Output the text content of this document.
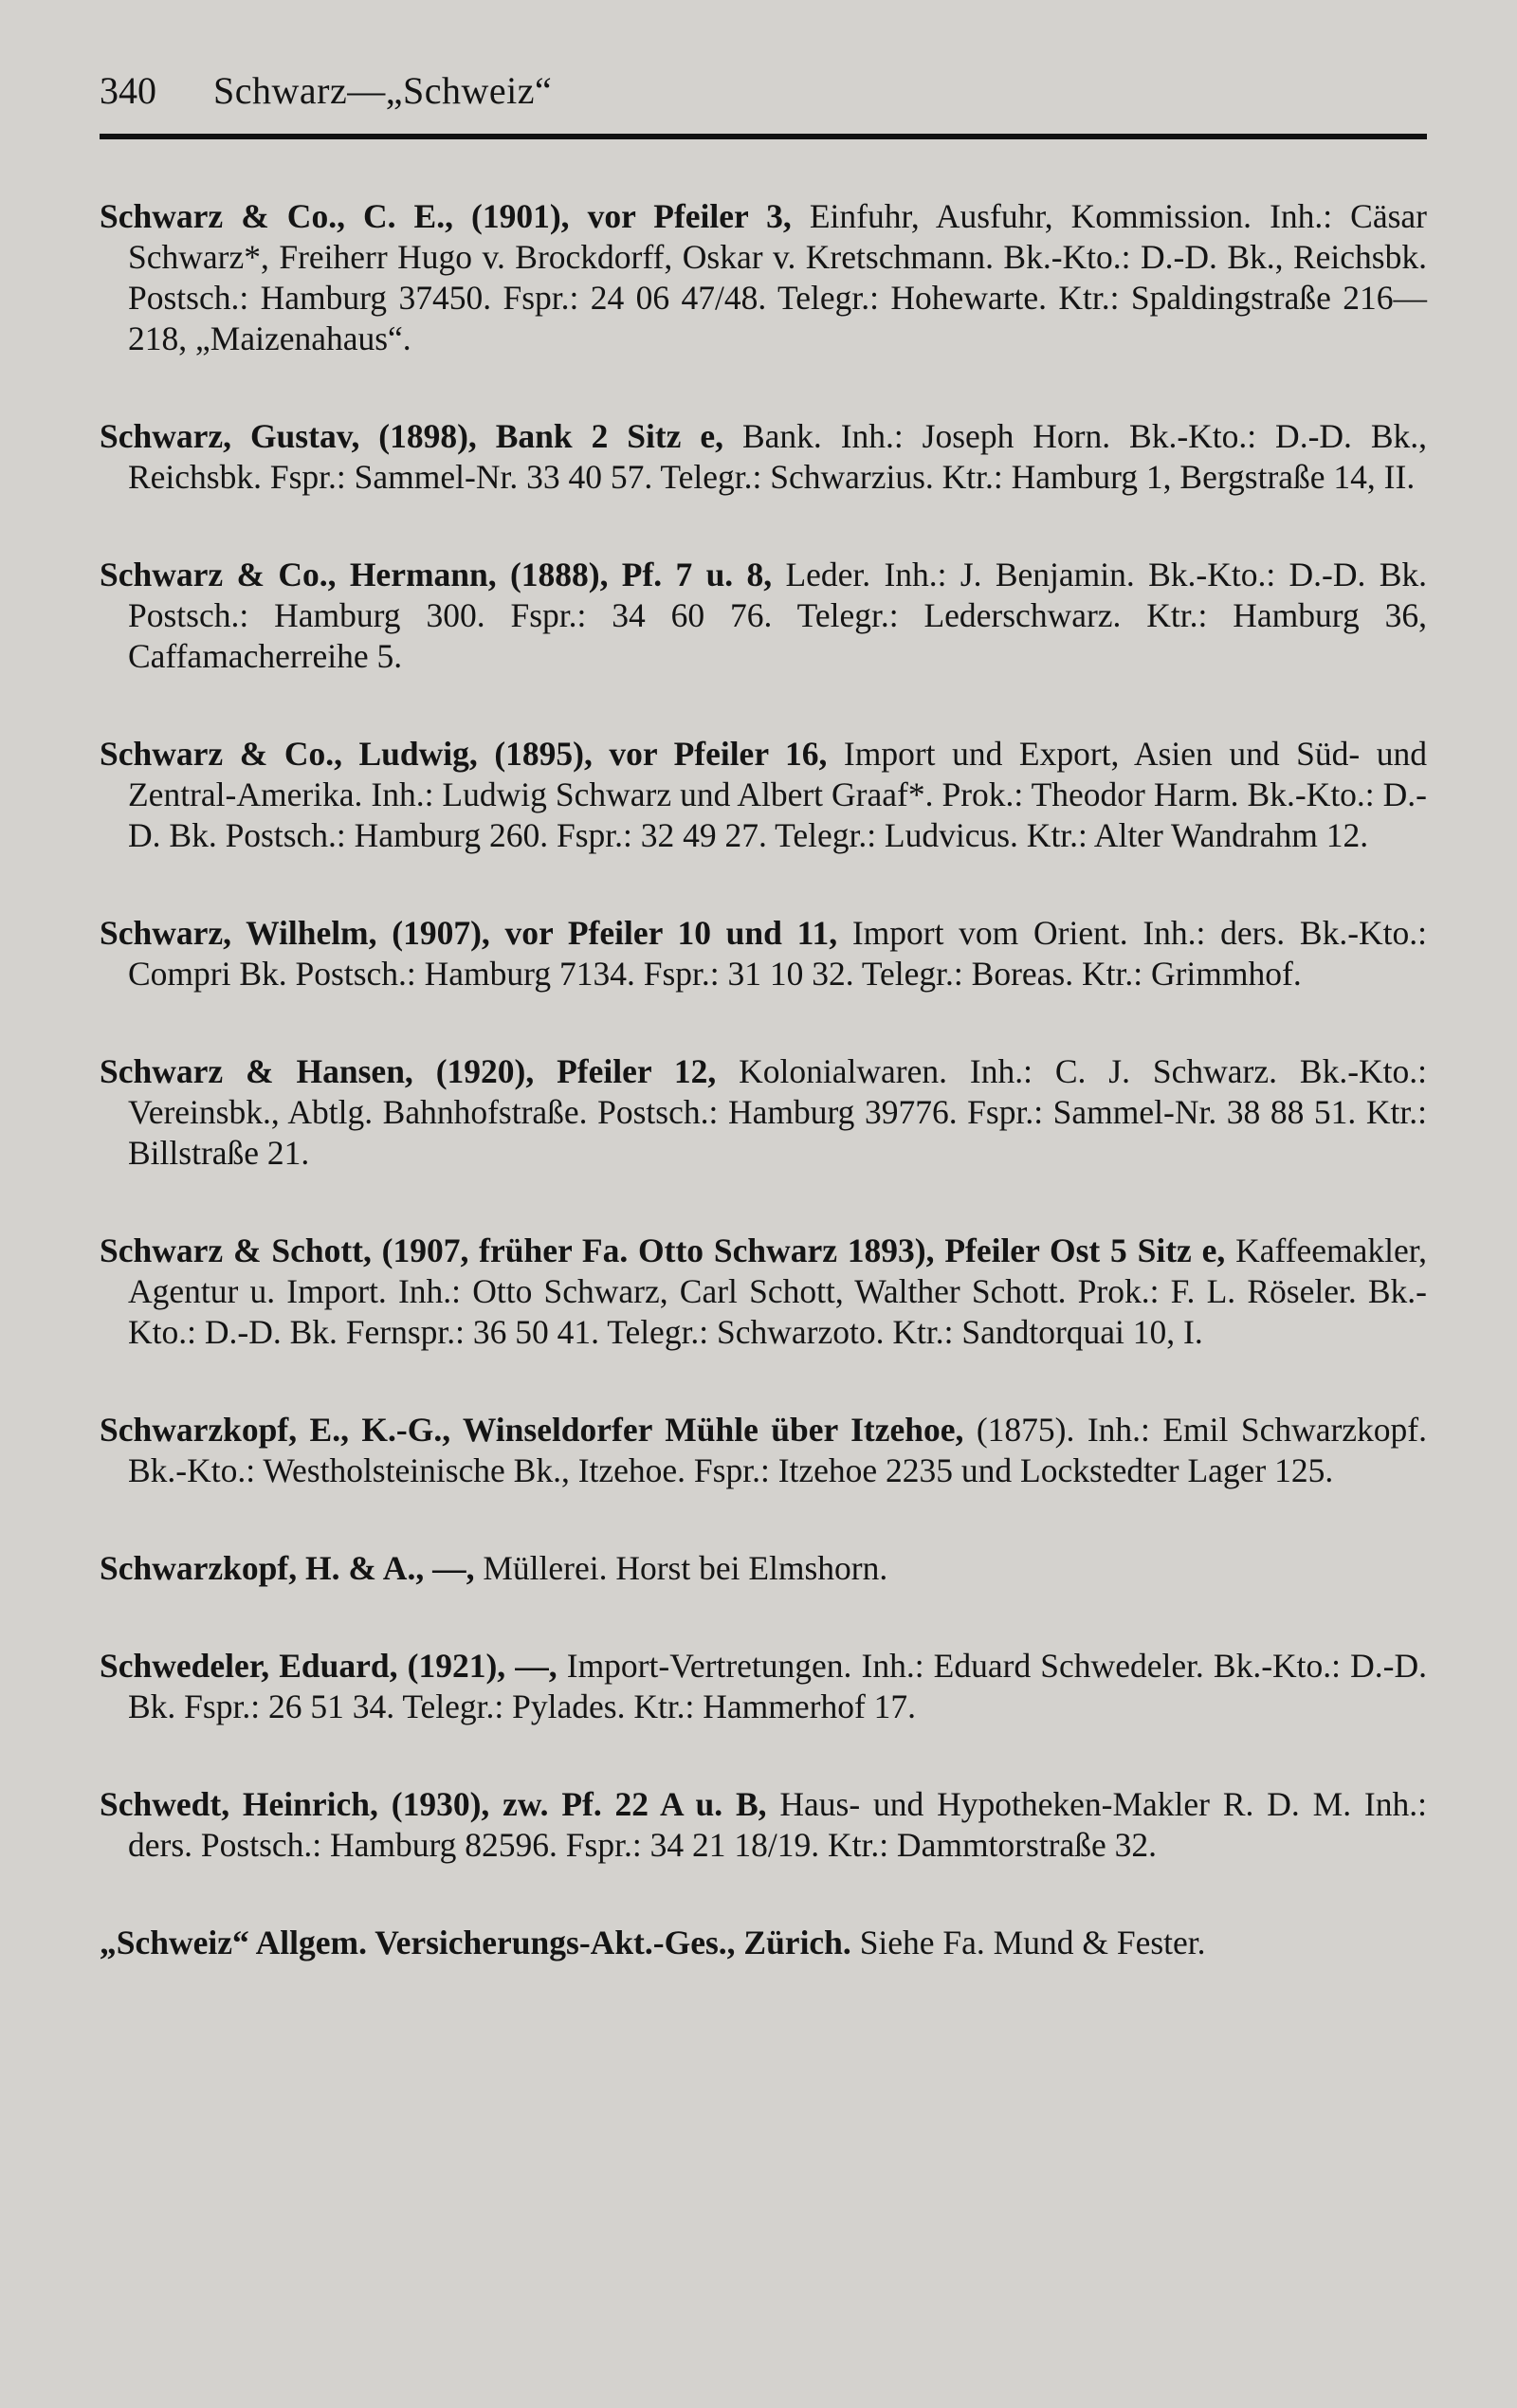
340 Schwarz—„Schweiz“

Schwarz & Co., C. E., (1901), vor Pfeiler 3, Einfuhr, Ausfuhr, Kommission. Inh.: Cäsar Schwarz*, Freiherr Hugo v. Brockdorff, Oskar v. Kretschmann. Bk.-Kto.: D.-D. Bk., Reichsbk. Postsch.: Hamburg 37450. Fspr.: 24 06 47/48. Telegr.: Hohewarte. Ktr.: Spaldingstraße 216—218, „Maizenahaus“.

Schwarz, Gustav, (1898), Bank 2 Sitz e, Bank. Inh.: Joseph Horn. Bk.-Kto.: D.-D. Bk., Reichsbk. Fspr.: Sammel-Nr. 33 40 57. Telegr.: Schwarzius. Ktr.: Hamburg 1, Bergstraße 14, II.

Schwarz & Co., Hermann, (1888), Pf. 7 u. 8, Leder. Inh.: J. Benjamin. Bk.-Kto.: D.-D. Bk. Postsch.: Hamburg 300. Fspr.: 34 60 76. Telegr.: Lederschwarz. Ktr.: Hamburg 36, Caffamacherreihe 5.

Schwarz & Co., Ludwig, (1895), vor Pfeiler 16, Import und Export, Asien und Süd- und Zentral-Amerika. Inh.: Ludwig Schwarz und Albert Graaf*. Prok.: Theodor Harm. Bk.-Kto.: D.-D. Bk. Postsch.: Hamburg 260. Fspr.: 32 49 27. Telegr.: Ludvicus. Ktr.: Alter Wandrahm 12.

Schwarz, Wilhelm, (1907), vor Pfeiler 10 und 11, Import vom Orient. Inh.: ders. Bk.-Kto.: Compri Bk. Postsch.: Hamburg 7134. Fspr.: 31 10 32. Telegr.: Boreas. Ktr.: Grimmhof.

Schwarz & Hansen, (1920), Pfeiler 12, Kolonialwaren. Inh.: C. J. Schwarz. Bk.-Kto.: Vereinsbk., Abtlg. Bahnhofstraße. Postsch.: Hamburg 39776. Fspr.: Sammel-Nr. 38 88 51. Ktr.: Billstraße 21.

Schwarz & Schott, (1907, früher Fa. Otto Schwarz 1893), Pfeiler Ost 5 Sitz e, Kaffeemakler, Agentur u. Import. Inh.: Otto Schwarz, Carl Schott, Walther Schott. Prok.: F. L. Röseler. Bk.-Kto.: D.-D. Bk. Fernspr.: 36 50 41. Telegr.: Schwarzoto. Ktr.: Sandtorquai 10, I.

Schwarzkopf, E., K.-G., Winseldorfer Mühle über Itzehoe, (1875). Inh.: Emil Schwarzkopf. Bk.-Kto.: Westholsteinische Bk., Itzehoe. Fspr.: Itzehoe 2235 und Lockstedter Lager 125.

Schwarzkopf, H. & A., —, Müllerei. Horst bei Elmshorn.

Schwedeler, Eduard, (1921), —, Import-Vertretungen. Inh.: Eduard Schwedeler. Bk.-Kto.: D.-D. Bk. Fspr.: 26 51 34. Telegr.: Pylades. Ktr.: Hammerhof 17.

Schwedt, Heinrich, (1930), zw. Pf. 22 A u. B, Haus- und Hypotheken-Makler R. D. M. Inh.: ders. Postsch.: Hamburg 82596. Fspr.: 34 21 18/19. Ktr.: Dammtorstraße 32.

„Schweiz“ Allgem. Versicherungs-Akt.-Ges., Zürich. Siehe Fa. Mund & Fester.
